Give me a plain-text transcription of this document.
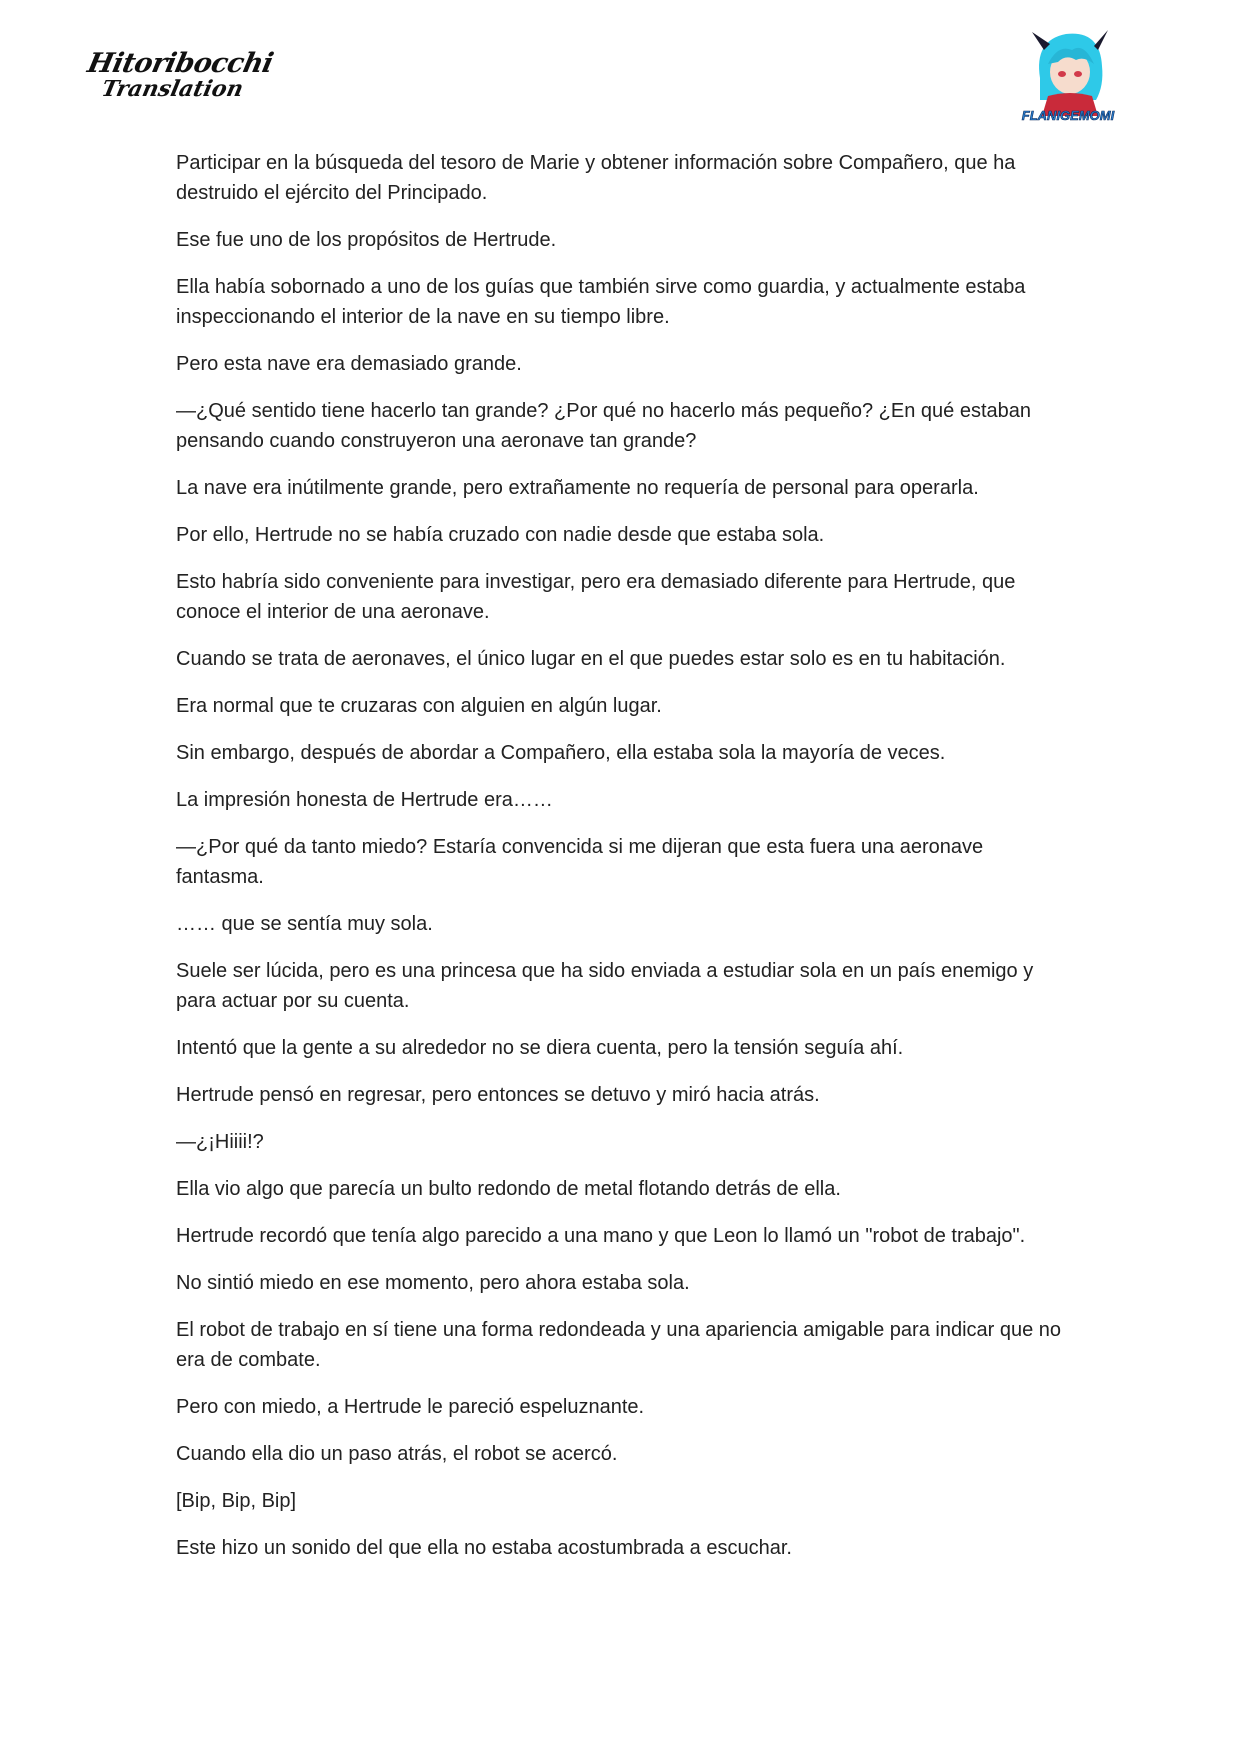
Hitoribocchi
Translation
FLANIGEMOMI

Participar en la búsqueda del tesoro de Marie y obtener información sobre Compañero, que ha destruido el ejército del Principado.

Ese fue uno de los propósitos de Hertrude.

Ella había sobornado a uno de los guías que también sirve como guardia, y actualmente estaba inspeccionando el interior de la nave en su tiempo libre.

Pero esta nave era demasiado grande.

—¿Qué sentido tiene hacerlo tan grande? ¿Por qué no hacerlo más pequeño? ¿En qué estaban pensando cuando construyeron una aeronave tan grande?

La nave era inútilmente grande, pero extrañamente no requería de personal para operarla.

Por ello, Hertrude no se había cruzado con nadie desde que estaba sola.

Esto habría sido conveniente para investigar, pero era demasiado diferente para Hertrude, que conoce el interior de una aeronave.

Cuando se trata de aeronaves, el único lugar en el que puedes estar solo es en tu habitación.

Era normal que te cruzaras con alguien en algún lugar.

Sin embargo, después de abordar a Compañero, ella estaba sola la mayoría de veces.

La impresión honesta de Hertrude era……

—¿Por qué da tanto miedo? Estaría convencida si me dijeran que esta fuera una aeronave fantasma.

…… que se sentía muy sola.

Suele ser lúcida, pero es una princesa que ha sido enviada a estudiar sola en un país enemigo y para actuar por su cuenta.

Intentó que la gente a su alrededor no se diera cuenta, pero la tensión seguía ahí.

Hertrude pensó en regresar, pero entonces se detuvo y miró hacia atrás.

—¿¡Hiiii!?

Ella vio algo que parecía un bulto redondo de metal flotando detrás de ella.

Hertrude recordó que tenía algo parecido a una mano y que Leon lo llamó un "robot de trabajo".

No sintió miedo en ese momento, pero ahora estaba sola.

El robot de trabajo en sí tiene una forma redondeada y una apariencia amigable para indicar que no era de combate.

Pero con miedo, a Hertrude le pareció espeluznante.

Cuando ella dio un paso atrás, el robot se acercó.

[Bip, Bip, Bip]

Este hizo un sonido del que ella no estaba acostumbrada a escuchar.
